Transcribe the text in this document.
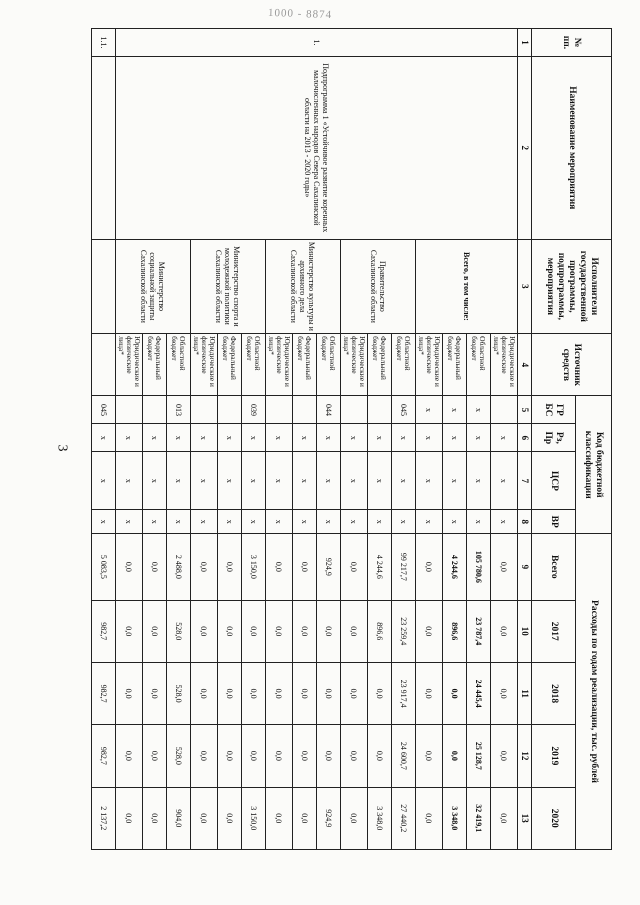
3
1000 - 8874
№ пп.	Наименование мероприятия	Исполнители государственной программы, подпрограммы, мероприятия	Источник средств	Код бюджетной классификации				Расходы по годам реализации, тыс. рублей				
				ГР БС	Рз, Пр	ЦСР	ВР	Всего	2017	2018	2019	2020
1	2	3	4	5	6	7	8	9	10	11	12	13
1.	Подпрограмма 1 «Устойчивое развитие коренных малочисленных народов Севера Сахалинской области на 2013 - 2020 годы»	Всего, в том числе:	Юридические и физические лица*		х	х	х	0,0	0,0	0,0	0,0	0,0
			Областной бюджет	х	х	х	х	105 780,6	23 787,4	24 445,4	25 128,7	32 419,1
			Федеральный бюджет	х	х	х	х	4 244,6	896,6	0,0	0,0	3 348,0
			Юридические и физические лица*	х	х	х	х	0,0	0,0	0,0	0,0	0,0
		Правительство Сахалинской области	Областной бюджет	045	х	х	х	99 217,7	23 259,4	23 917,4	24 600,7	27 440,2
			Федеральный бюджет		х	х	х	4 244,6	896,6	0,0	0,0	3 348,0
			Юридические и физические лица*		х	х	х	0,0	0,0	0,0	0,0	0,0
		Министерство культуры и архивного дела Сахалинской области	Областной бюджет	044	х	х	х	924,9	0,0	0,0	0,0	924,9
			Федеральный бюджет		х	х	х	0,0	0,0	0,0	0,0	0,0
			Юридические и физические лица*		х	х	х	0,0	0,0	0,0	0,0	0,0
		Министерство спорта и молодежной политики Сахалинской области	Областной бюджет	039	х	х	х	3 150,0	0,0	0,0	0,0	3 150,0
			Федеральный бюджет		х	х	х	0,0	0,0	0,0	0,0	0,0
			Юридические и физические лица*		х	х	х	0,0	0,0	0,0	0,0	0,0
		Министерство социальной защиты Сахалинской области	Областной бюджет	013	х	х	х	2 488,0	528,0	528,0	528,0	904,0
			Федеральный бюджет		х	х	х	0,0	0,0	0,0	0,0	0,0
			Юридические и физические лица*		х	х	х	0,0	0,0	0,0	0,0	0,0
1.1.				045	х	х	х	5 083,5	982,7	982,7	982,7	2 137,2
